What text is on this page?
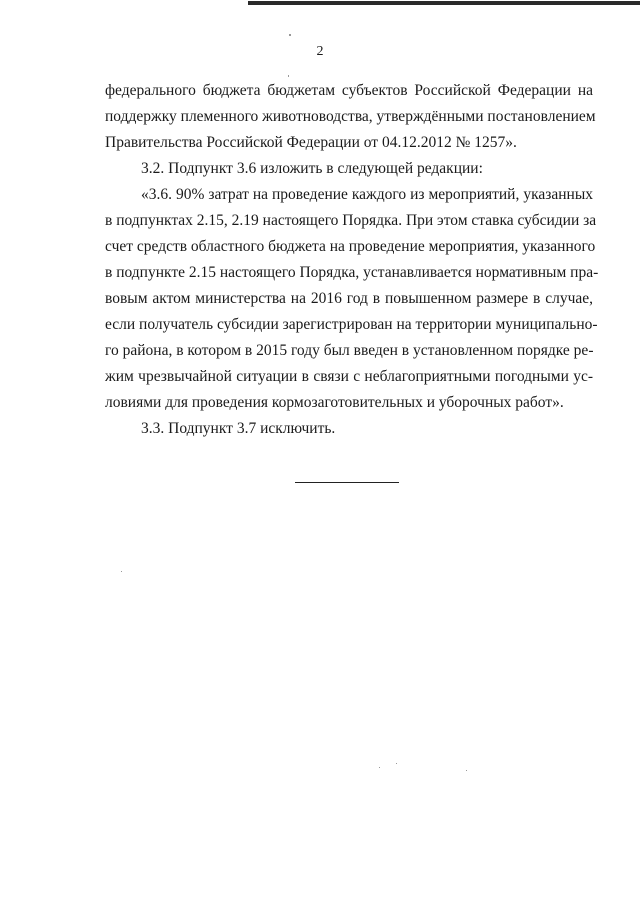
2
федерального бюджета бюджетам субъектов Российской Федерации на
поддержку племенного животноводства, утверждёнными постановлением
Правительства Российской Федерации от 04.12.2012 № 1257».
3.2. Подпункт 3.6 изложить в следующей редакции:
«3.6. 90% затрат на проведение каждого из мероприятий, указанных
в подпунктах 2.15, 2.19 настоящего Порядка. При этом ставка субсидии за
счет средств областного бюджета на проведение мероприятия, указанного
в подпункте 2.15 настоящего Порядка, устанавливается нормативным пра-
вовым актом министерства на 2016 год в повышенном размере в случае,
если получатель субсидии зарегистрирован на территории муниципально-
го района, в котором в 2015 году был введен в установленном порядке ре-
жим чрезвычайной ситуации в связи с неблагоприятными погодными ус-
ловиями для проведения кормозаготовительных и уборочных работ».
3.3. Подпункт 3.7 исключить.
